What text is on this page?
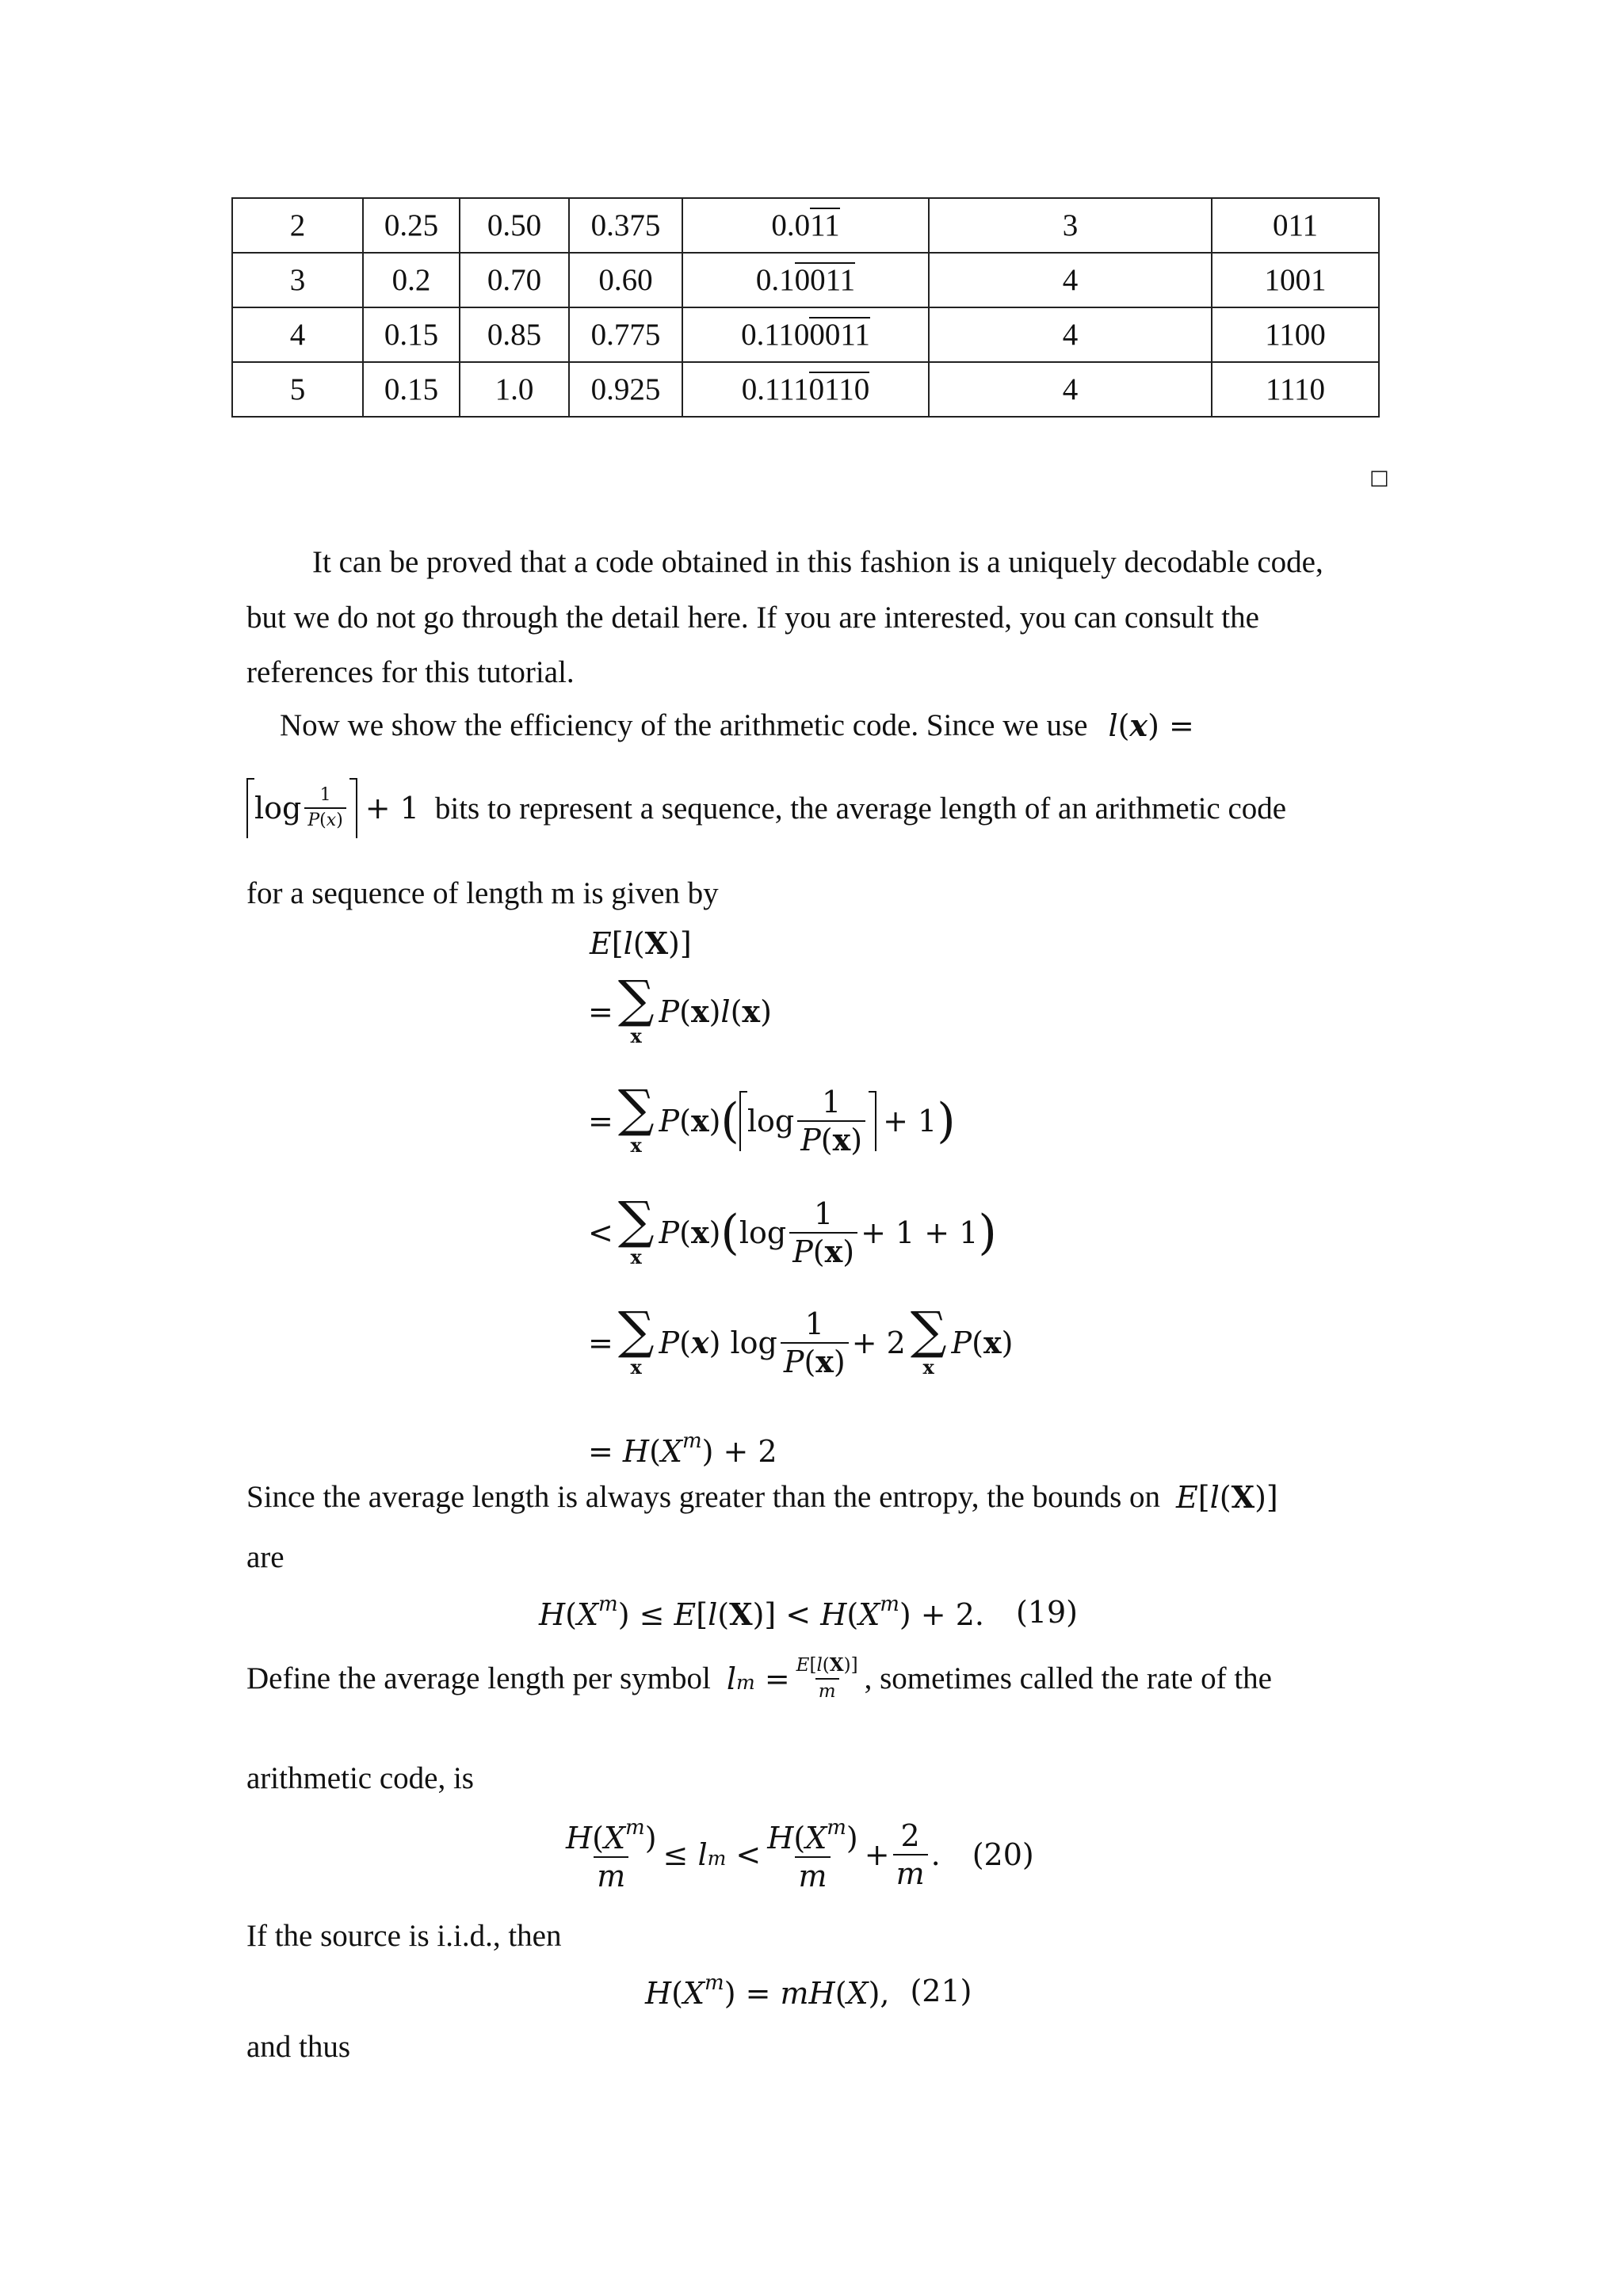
2	0.25	0.50	0.375	0.011	3	011
3	0.2	0.70	0.60	0.10011	4	1001
4	0.15	0.85	0.775	0.1100011	4	1100
5	0.15	1.0	0.925	0.1110110	4	1110
□
It can be proved that a code obtained in this fashion is a uniquely decodable code,
but we do not go through the detail here. If you are interested, you can consult the
references for this tutorial.
Now we show the efficiency of the arithmetic code. Since we use l(x) =
$\log \frac{1}{P(x)} + 1$ bits to represent a sequence, the average length of an arithmetic code
for a sequence of length m is given by
E[l(X)]
= ∑
x
P(x)l(x)
= ∑
x
P(x) ( $\log \frac{1}{P(x)} + 1$ )
< ∑
x
P(x) ( $\log \frac{1}{P(x)} + 1 + 1$ )
= ∑
x
P(x) $\log \frac{1}{P(x)} + 2$ ∑
x
P(x)
= $H(X^m) + 2$
Since the average length is always greater than the entropy, the bounds on E[l(X)]
are
$H(X^m) \le E[l(X)] < H(X^m) + 2$. (19)
Define the average length per symbol lm = $\frac{E[l(X)]}{m}$ , sometimes called the rate of the
arithmetic code, is
$\frac{H(X^m)}{m}$ ≤ lm < $\frac{H(X^m)}{m} + \frac{2}{m}$ . (20)
If the source is i.i.d., then
$H(X^m) = mH(X)$, (21)
and thus
